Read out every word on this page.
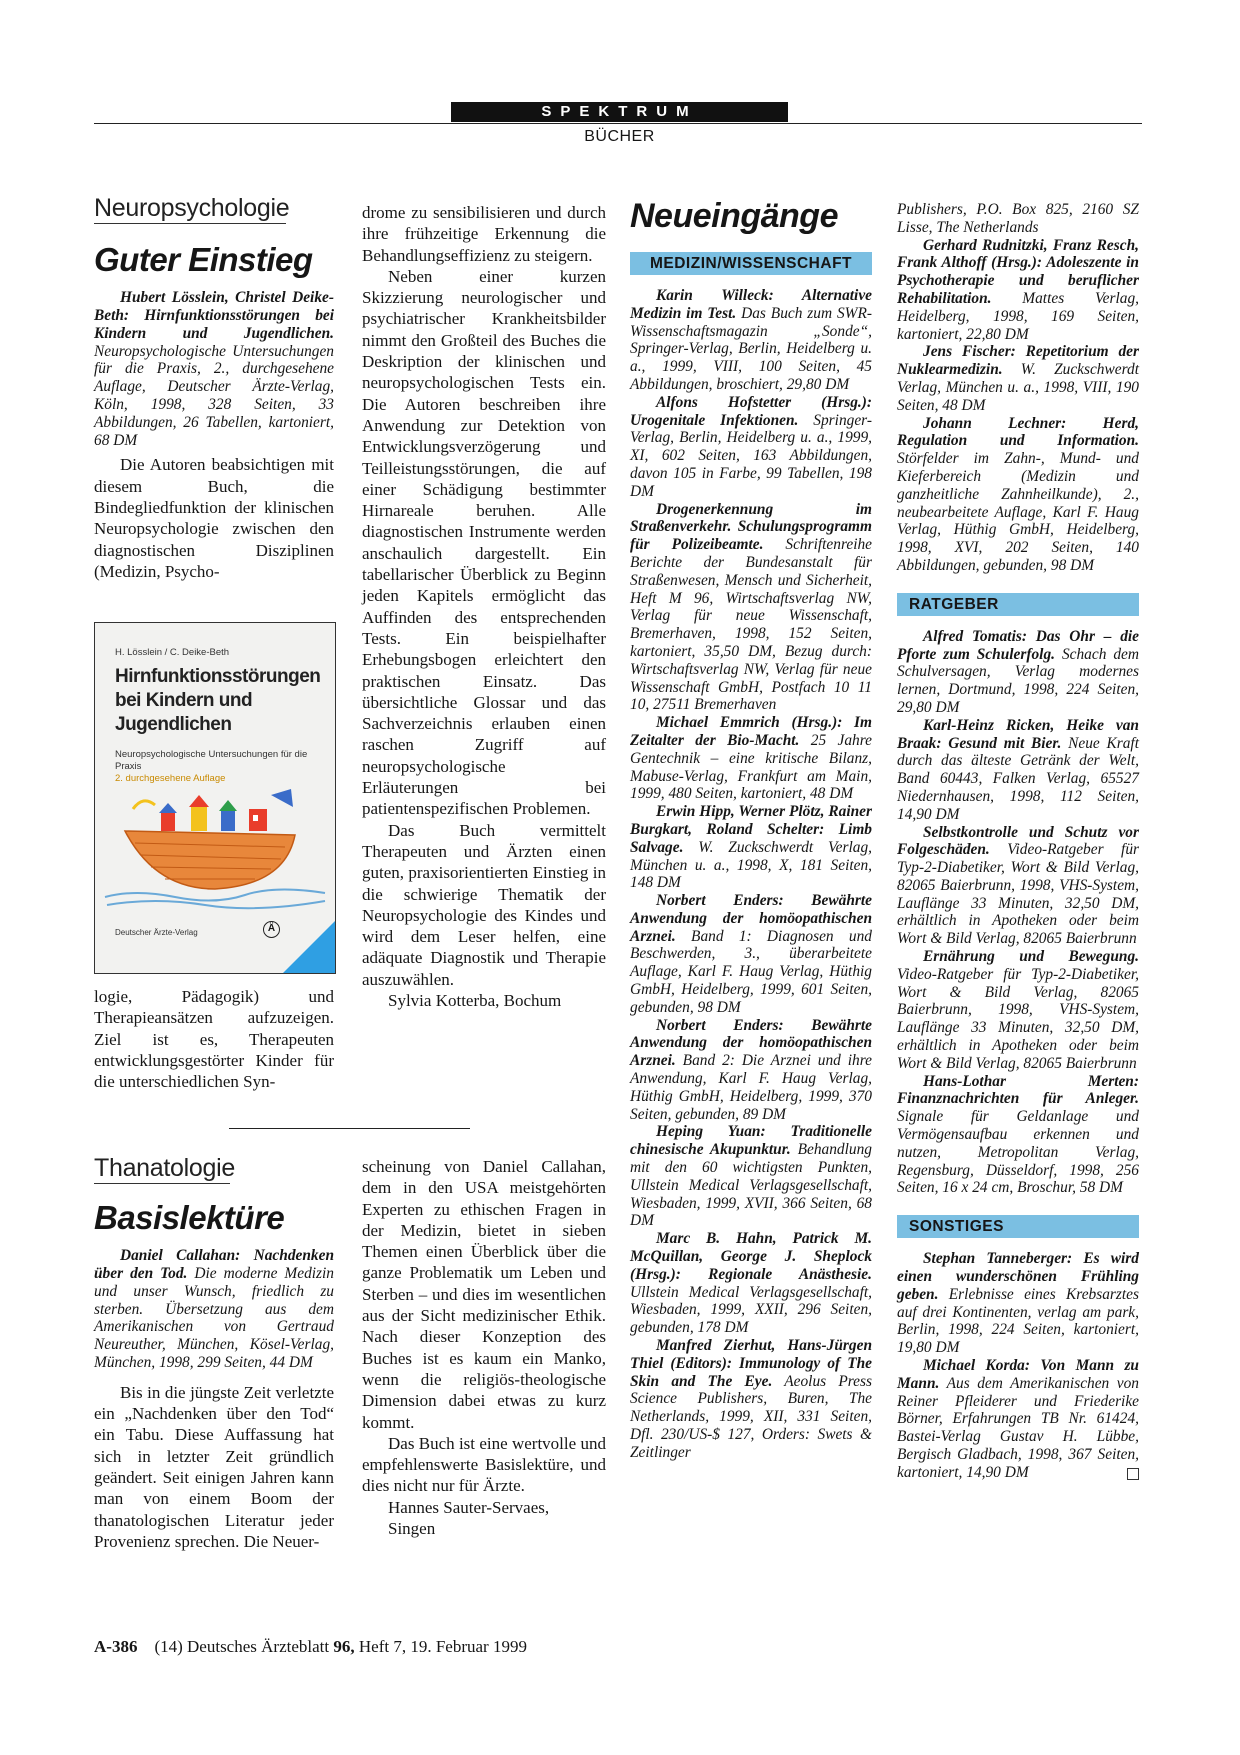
SPEKTRUM
BÜCHER
Neuropsychologie
Guter Einstieg

Hubert Lösslein, Christel Deike-Beth: Hirnfunktionsstörungen bei Kindern und Jugendlichen. Neuropsychologische Untersuchungen für die Praxis, 2., durchgesehene Auflage, Deutscher Ärzte-Verlag, Köln, 1998, 328 Seiten, 33 Abbildungen, 26 Tabellen, kartoniert, 68 DM

Die Autoren beabsichtigen mit diesem Buch, die Bindegliedfunktion der klinischen Neuropsychologie zwischen den diagnostischen Disziplinen (Medizin, Psycho-

H. Lösslein / C. Deike-Beth
Hirnfunktionsstörungen bei Kindern und Jugendlichen
Neuropsychologische Untersuchungen für die Praxis
2. durchgesehene Auflage
Deutscher Ärzte-Verlag	Ä

logie, Pädagogik) und Therapieansätzen aufzuzeigen. Ziel ist es, Therapeuten entwicklungsgestörter Kinder für die unterschiedlichen Syn-

drome zu sensibilisieren und durch ihre frühzeitige Erkennung die Behandlungseffizienz zu steigern.

Neben einer kurzen Skizzierung neurologischer und psychiatrischer Krankheitsbilder nimmt den Großteil des Buches die Deskription der klinischen und neuropsychologischen Tests ein. Die Autoren beschreiben ihre Anwendung zur Detektion von Entwicklungsverzögerung und Teilleistungsstörungen, die auf einer Schädigung bestimmter Hirnareale beruhen. Alle diagnostischen Instrumente werden anschaulich dargestellt. Ein tabellarischer Überblick zu Beginn jeden Kapitels ermöglicht das Auffinden des entsprechenden Tests. Ein beispielhafter Erhebungsbogen erleichtert den praktischen Einsatz. Das übersichtliche Glossar und das Sachverzeichnis erlauben einen raschen Zugriff auf neuropsychologische Erläuterungen bei patientenspezifischen Problemen.

Das Buch vermittelt Therapeuten und Ärzten einen guten, praxisorientierten Einstieg in die schwierige Thematik der Neuropsychologie des Kindes und wird dem Leser helfen, eine adäquate Diagnostik und Therapie auszuwählen.

Sylvia Kotterba, Bochum

Thanatologie
Basislektüre

Daniel Callahan: Nachdenken über den Tod. Die moderne Medizin und unser Wunsch, friedlich zu sterben. Übersetzung aus dem Amerikanischen von Gertraud Neureuther, München, Kösel-Verlag, München, 1998, 299 Seiten, 44 DM

Bis in die jüngste Zeit verletzte ein „Nachdenken über den Tod“ ein Tabu. Diese Auffassung hat sich in letzter Zeit gründlich geändert. Seit einigen Jahren kann man von einem Boom der thanatologischen Literatur jeder Provenienz sprechen. Die Neuer-

scheinung von Daniel Callahan, dem in den USA meistgehörten Experten zu ethischen Fragen in der Medizin, bietet in sieben Themen einen Überblick über die ganze Problematik um Leben und Sterben – und dies im wesentlichen aus der Sicht medizinischer Ethik. Nach dieser Konzeption des Buches ist es kaum ein Manko, wenn die religiös-theologische Dimension dabei etwas zu kurz kommt.

Das Buch ist eine wertvolle und empfehlenswerte Basislektüre, und dies nicht nur für Ärzte.

Hannes Sauter-Servaes,

Singen

Neueingänge
MEDIZIN/WISSENSCHAFT

Karin Willeck: Alternative Medizin im Test. Das Buch zum SWR-Wissenschaftsmagazin „Sonde“, Springer-Verlag, Berlin, Heidelberg u. a., 1999, VIII, 100 Seiten, 45 Abbildungen, broschiert, 29,80 DM

Alfons Hofstetter (Hrsg.): Urogenitale Infektionen. Springer-Verlag, Berlin, Heidelberg u. a., 1999, XI, 602 Seiten, 163 Abbildungen, davon 105 in Farbe, 99 Tabellen, 198 DM

Drogenerkennung im Straßenverkehr. Schulungsprogramm für Polizeibeamte. Schriftenreihe Berichte der Bundesanstalt für Straßenwesen, Mensch und Sicherheit, Heft M 96, Wirtschaftsverlag NW, Verlag für neue Wissenschaft, Bremerhaven, 1998, 152 Seiten, kartoniert, 35,50 DM, Bezug durch: Wirtschaftsverlag NW, Verlag für neue Wissenschaft GmbH, Postfach 10 11 10, 27511 Bremerhaven

Michael Emmrich (Hrsg.): Im Zeitalter der Bio-Macht. 25 Jahre Gentechnik – eine kritische Bilanz, Mabuse-Verlag, Frankfurt am Main, 1999, 480 Seiten, kartoniert, 48 DM

Erwin Hipp, Werner Plötz, Rainer Burgkart, Roland Schelter: Limb Salvage. W. Zuckschwerdt Verlag, München u. a., 1998, X, 181 Seiten, 148 DM

Norbert Enders: Bewährte Anwendung der homöopathischen Arznei. Band 1: Diagnosen und Beschwerden, 3., überarbeitete Auflage, Karl F. Haug Verlag, Hüthig GmbH, Heidelberg, 1999, 601 Seiten, gebunden, 98 DM

Norbert Enders: Bewährte Anwendung der homöopathischen Arznei. Band 2: Die Arznei und ihre Anwendung, Karl F. Haug Verlag, Hüthig GmbH, Heidelberg, 1999, 370 Seiten, gebunden, 89 DM

Heping Yuan: Traditionelle chinesische Akupunktur. Behandlung mit den 60 wichtigsten Punkten, Ullstein Medical Verlagsgesellschaft, Wiesbaden, 1999, XVII, 366 Seiten, 68 DM

Marc B. Hahn, Patrick M. McQuillan, George J. Sheplock (Hrsg.): Regionale Anästhesie. Ullstein Medical Verlagsgesellschaft, Wiesbaden, 1999, XXII, 296 Seiten, gebunden, 178 DM

Manfred Zierhut, Hans-Jürgen Thiel (Editors): Immunology of The Skin and The Eye. Aeolus Press Science Publishers, Buren, The Netherlands, 1999, XII, 331 Seiten, Dfl. 230/US-$ 127, Orders: Swets & Zeitlinger

Publishers, P.O. Box 825, 2160 SZ Lisse, The Netherlands

Gerhard Rudnitzki, Franz Resch, Frank Althoff (Hrsg.): Adoleszente in Psychotherapie und beruflicher Rehabilitation. Mattes Verlag, Heidelberg, 1998, 169 Seiten, kartoniert, 22,80 DM

Jens Fischer: Repetitorium der Nuklearmedizin. W. Zuckschwerdt Verlag, München u. a., 1998, VIII, 190 Seiten, 48 DM

Johann Lechner: Herd, Regulation und Information. Störfelder im Zahn-, Mund- und Kieferbereich (Medizin und ganzheitliche Zahnheilkunde), 2., neubearbeitete Auflage, Karl F. Haug Verlag, Hüthig GmbH, Heidelberg, 1998, XVI, 202 Seiten, 140 Abbildungen, gebunden, 98 DM

RATGEBER

Alfred Tomatis: Das Ohr – die Pforte zum Schulerfolg. Schach dem Schulversagen, Verlag modernes lernen, Dortmund, 1998, 224 Seiten, 29,80 DM

Karl-Heinz Ricken, Heike van Braak: Gesund mit Bier. Neue Kraft durch das älteste Getränk der Welt, Band 60443, Falken Verlag, 65527 Niedernhausen, 1998, 112 Seiten, 14,90 DM

Selbstkontrolle und Schutz vor Folgeschäden. Video-Ratgeber für Typ-2-Diabetiker, Wort & Bild Verlag, 82065 Baierbrunn, 1998, VHS-System, Lauflänge 33 Minuten, 32,50 DM, erhältlich in Apotheken oder beim Wort & Bild Verlag, 82065 Baierbrunn

Ernährung und Bewegung. Video-Ratgeber für Typ-2-Diabetiker, Wort & Bild Verlag, 82065 Baierbrunn, 1998, VHS-System, Lauflänge 33 Minuten, 32,50 DM, erhältlich in Apotheken oder beim Wort & Bild Verlag, 82065 Baierbrunn

Hans-Lothar Merten: Finanznachrichten für Anleger. Signale für Geldanlage und Vermögensaufbau erkennen und nutzen, Metropolitan Verlag, Regensburg, Düsseldorf, 1998, 256 Seiten, 16 x 24 cm, Broschur, 58 DM

SONSTIGES

Stephan Tanneberger: Es wird einen wunderschönen Frühling geben. Erlebnisse eines Krebsarztes auf drei Kontinenten, verlag am park, Berlin, 1998, 224 Seiten, kartoniert, 19,80 DM

Michael Korda: Von Mann zu Mann. Aus dem Amerikanischen von Reiner Pfleiderer und Friederike Börner, Erfahrungen TB Nr. 61424, Bastei-Verlag Gustav H. Lübbe, Bergisch Gladbach, 1998, 367 Seiten, kartoniert, 14,90 DM

A-386 (14) Deutsches Ärzteblatt 96, Heft 7, 19. Februar 1999
